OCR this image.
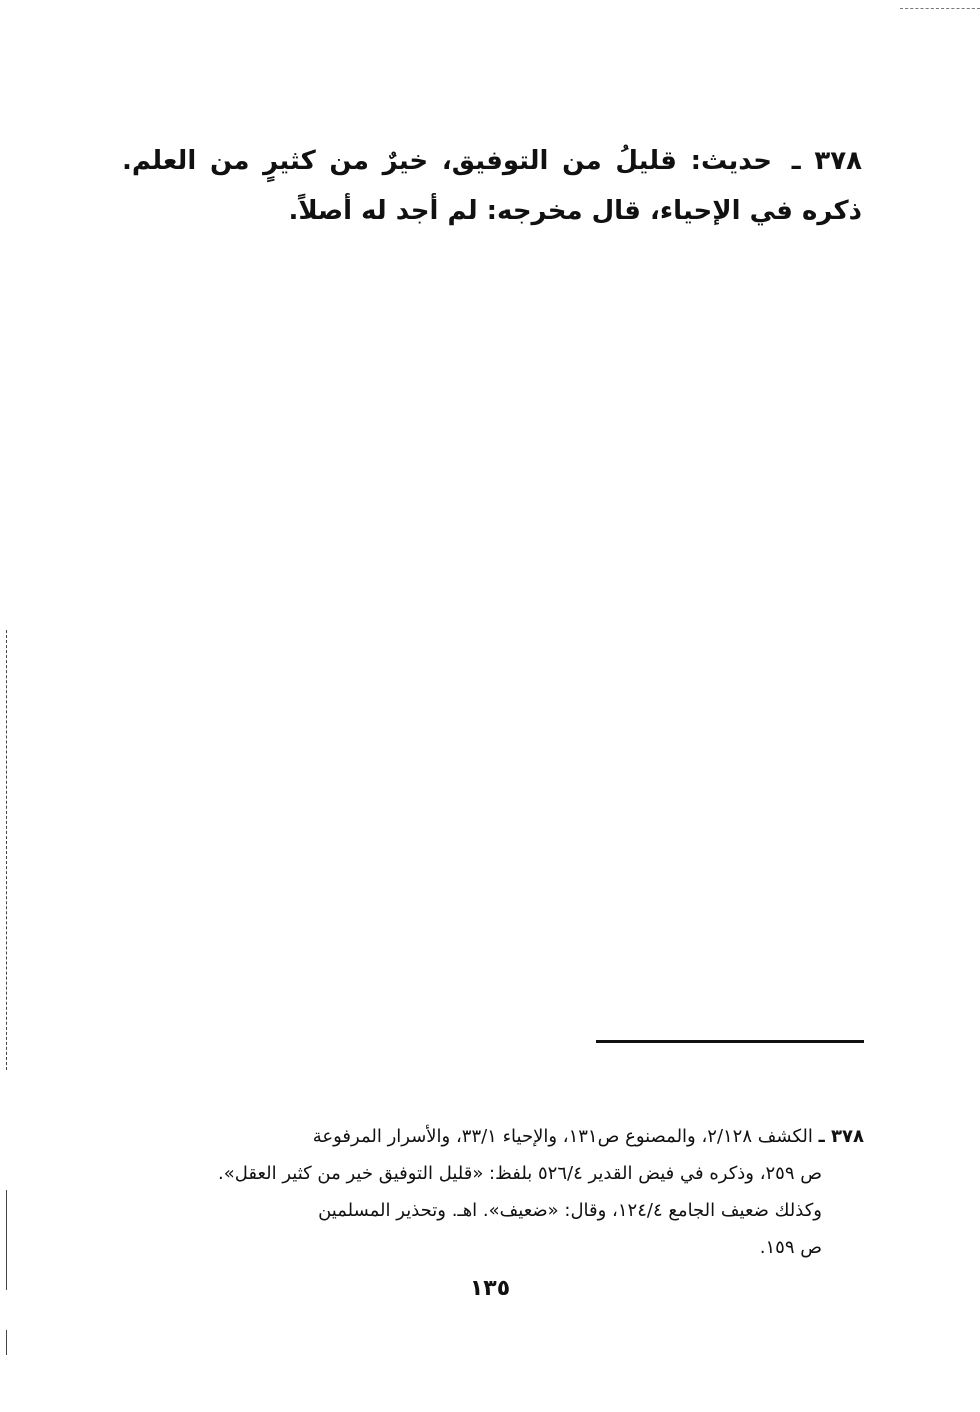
٣٧٨ ـ حديث: قليلُ من التوفيق، خيرٌ من كثيرٍ من العلم. ذكره في الإحياء، قال مخرجه: لم أجد له أصلاً.
٣٧٨ ـ الكشف ٢/١٢٨، والمصنوع ص١٣١، والإحياء ٣٣/١، والأسرار المرفوعة
ص ٢٥٩، وذكره في فيض القدير ٥٢٦/٤ بلفظ: «قليل التوفيق خير من كثير العقل».
وكذلك ضعيف الجامع ١٢٤/٤، وقال: «ضعيف». اهـ. وتحذير المسلمين
ص ١٥٩.
١٣٥
